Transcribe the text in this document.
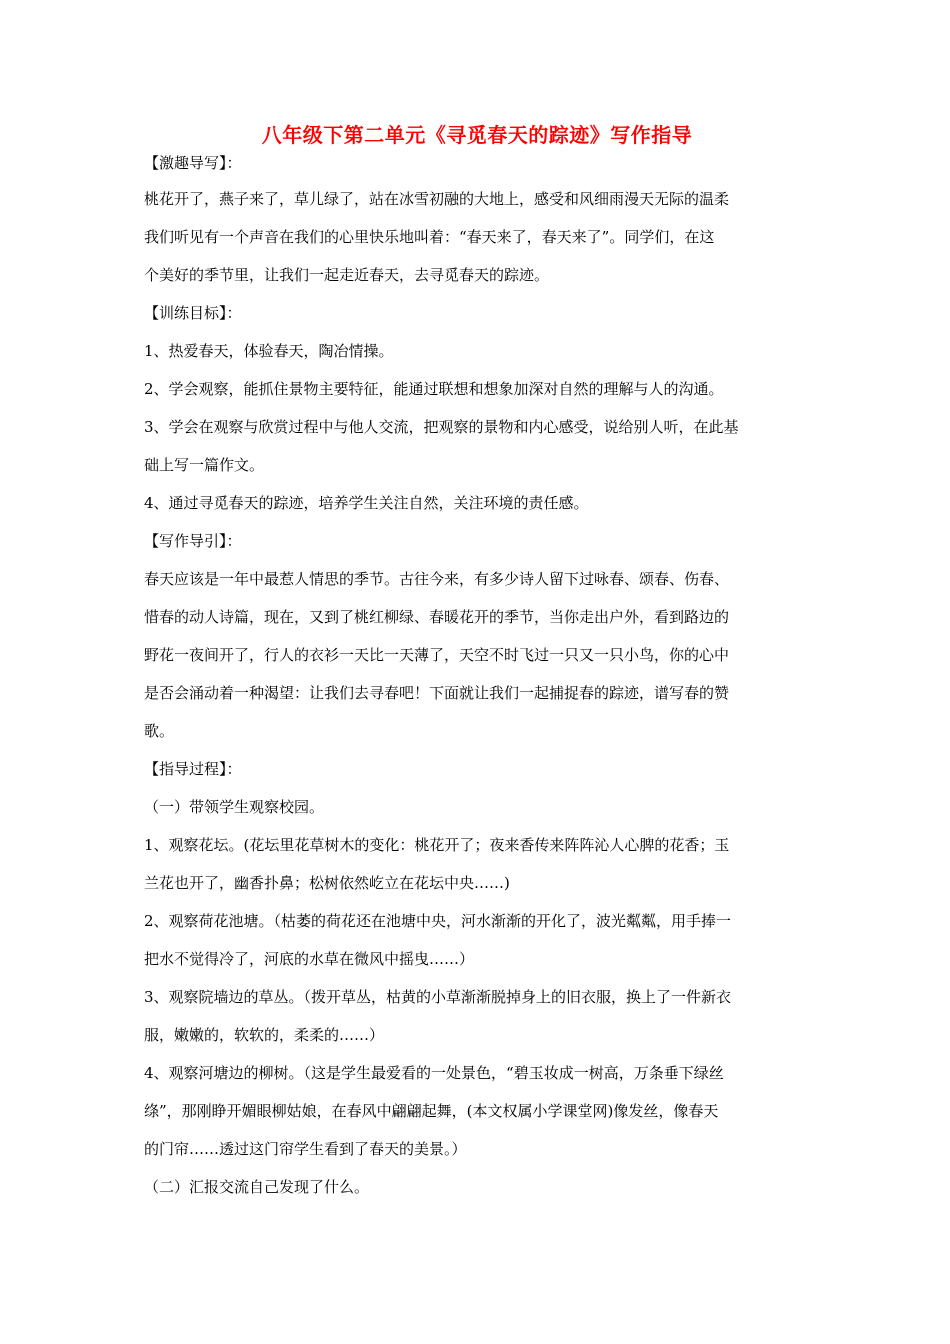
八年级下第二单元《寻觅春天的踪迹》写作指导

【激趣导写】：

桃花开了，燕子来了，草儿绿了，站在冰雪初融的大地上，感受和风细雨漫天无际的温柔

我们听见有一个声音在我们的心里快乐地叫着：“春天来了，春天来了”。同学们，在这

个美好的季节里，让我们一起走近春天，去寻觅春天的踪迹。

【训练目标】：

1、热爱春天，体验春天，陶冶情操。

2、学会观察，能抓住景物主要特征，能通过联想和想象加深对自然的理解与人的沟通。

3、学会在观察与欣赏过程中与他人交流，把观察的景物和内心感受，说给别人听，在此基

础上写一篇作文。

4、通过寻觅春天的踪迹，培养学生关注自然，关注环境的责任感。

【写作导引】：

春天应该是一年中最惹人情思的季节。古往今来，有多少诗人留下过咏春、颂春、伤春、

惜春的动人诗篇，现在，又到了桃红柳绿、春暖花开的季节，当你走出户外，看到路边的

野花一夜间开了，行人的衣衫一天比一天薄了，天空不时飞过一只又一只小鸟，你的心中

是否会涌动着一种渴望：让我们去寻春吧！下面就让我们一起捕捉春的踪迹，谱写春的赞

歌。

【指导过程】：

（一）带领学生观察校园。

1、观察花坛。(花坛里花草树木的变化：桃花开了；夜来香传来阵阵沁人心脾的花香；玉

兰花也开了，幽香扑鼻；松树依然屹立在花坛中央……)

2、观察荷花池塘。（枯萎的荷花还在池塘中央，河水渐渐的开化了，波光粼粼，用手捧一

把水不觉得冷了，河底的水草在微风中摇曳……）

3、观察院墙边的草丛。（拨开草丛，枯黄的小草渐渐脱掉身上的旧衣服，换上了一件新衣

服，嫩嫩的，软软的，柔柔的……）

4、观察河塘边的柳树。（这是学生最爱看的一处景色，“碧玉妆成一树高，万条垂下绿丝

绦”，那刚睁开媚眼柳姑娘，在春风中翩翩起舞，(本文权属小学课堂网)像发丝，像春天

的门帘……透过这门帘学生看到了春天的美景。）

（二）汇报交流自己发现了什么。
